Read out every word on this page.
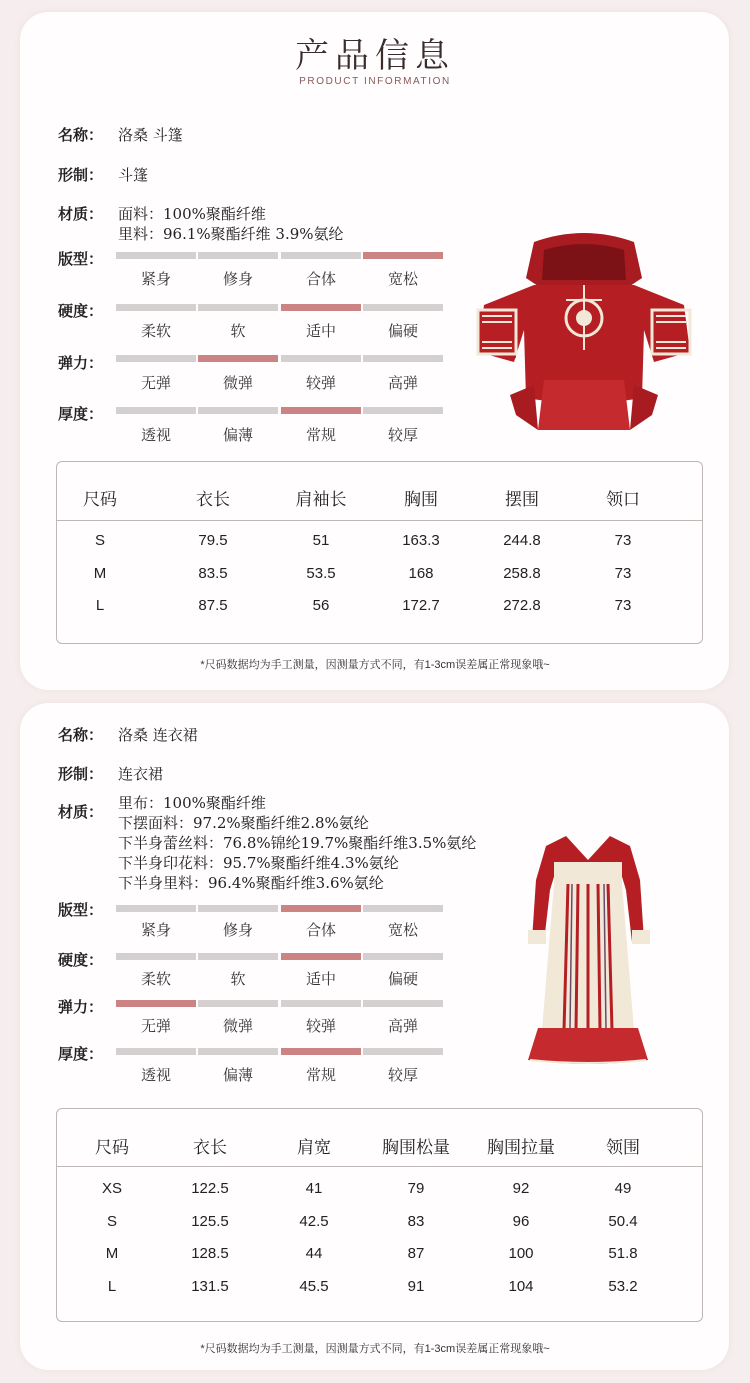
产品信息
PRODUCT INFORMATION
名称： 洛桑 斗篷
形制： 斗篷
材质： 面料：100%聚酯纤维
里料：96.1%聚酯纤维 3.9%氨纶
版型：
硬度：
弹力：
厚度：
*尺码数据均为手工测量，因测量方式不同，有1-3cm误差属正常现象哦~
名称： 洛桑 连衣裙
形制： 连衣裙
材质： 里布：100%聚酯纤维
下摆面料：97.2%聚酯纤维2.8%氨纶
下半身蕾丝料：76.8%锦纶19.7%聚酯纤维3.5%氨纶
下半身印花料：95.7%聚酯纤维4.3%氨纶
下半身里料：96.4%聚酯纤维3.6%氨纶
版型：
硬度：
弹力：
厚度：
*尺码数据均为手工测量，因测量方式不同，有1-3cm误差属正常现象哦~
紧身	修身	合体	宽松
柔软	软	适中	偏硬
无弹	微弹	较弹	高弹
透视	偏薄	常规	较厚
紧身	修身	合体	宽松
柔软	软	适中	偏硬
无弹	微弹	较弹	高弹
透视	偏薄	常规	较厚
尺码	衣长	肩袖长	胸围	摆围	领口
S	79.5	51	163.3	244.8	73
M	83.5	53.5	168	258.8	73
L	87.5	56	172.7	272.8	73
尺码	衣长	肩宽	胸围松量	胸围拉量	领围
XS	122.5	41	79	92	49
S	125.5	42.5	83	96	50.4
M	128.5	44	87	100	51.8
L	131.5	45.5	91	104	53.2
